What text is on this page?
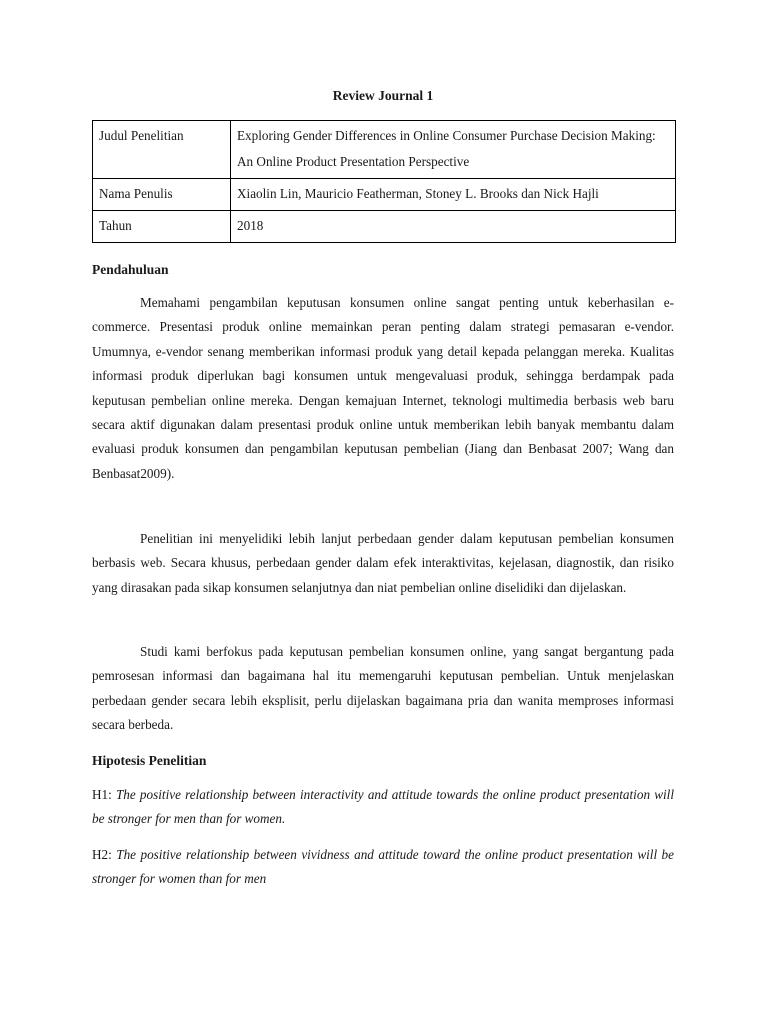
Review Journal 1
Judul Penelitian	Exploring Gender Differences in Online Consumer Purchase Decision Making: An Online Product Presentation Perspective
Nama Penulis	Xiaolin Lin, Mauricio Featherman, Stoney L. Brooks dan Nick Hajli
Tahun	2018
Pendahuluan

Memahami pengambilan keputusan konsumen online sangat penting untuk keberhasilan e-commerce. Presentasi produk online memainkan peran penting dalam strategi pemasaran e-vendor. Umumnya, e-vendor senang memberikan informasi produk yang detail kepada pelanggan mereka. Kualitas informasi produk diperlukan bagi konsumen untuk mengevaluasi produk, sehingga berdampak pada keputusan pembelian online mereka. Dengan kemajuan Internet, teknologi multimedia berbasis web baru secara aktif digunakan dalam presentasi produk online untuk memberikan lebih banyak membantu dalam evaluasi produk konsumen dan pengambilan keputusan pembelian (Jiang dan Benbasat 2007; Wang dan Benbasat2009).

Penelitian ini menyelidiki lebih lanjut perbedaan gender dalam keputusan pembelian konsumen berbasis web. Secara khusus, perbedaan gender dalam efek interaktivitas, kejelasan, diagnostik, dan risiko yang dirasakan pada sikap konsumen selanjutnya dan niat pembelian online diselidiki dan dijelaskan.

Studi kami berfokus pada keputusan pembelian konsumen online, yang sangat bergantung pada pemrosesan informasi dan bagaimana hal itu memengaruhi keputusan pembelian. Untuk menjelaskan perbedaan gender secara lebih eksplisit, perlu dijelaskan bagaimana pria dan wanita memproses informasi secara berbeda.

Hipotesis Penelitian

H1: The positive relationship between interactivity and attitude towards the online product presentation will be stronger for men than for women.

H2: The positive relationship between vividness and attitude toward the online product presentation will be stronger for women than for men
